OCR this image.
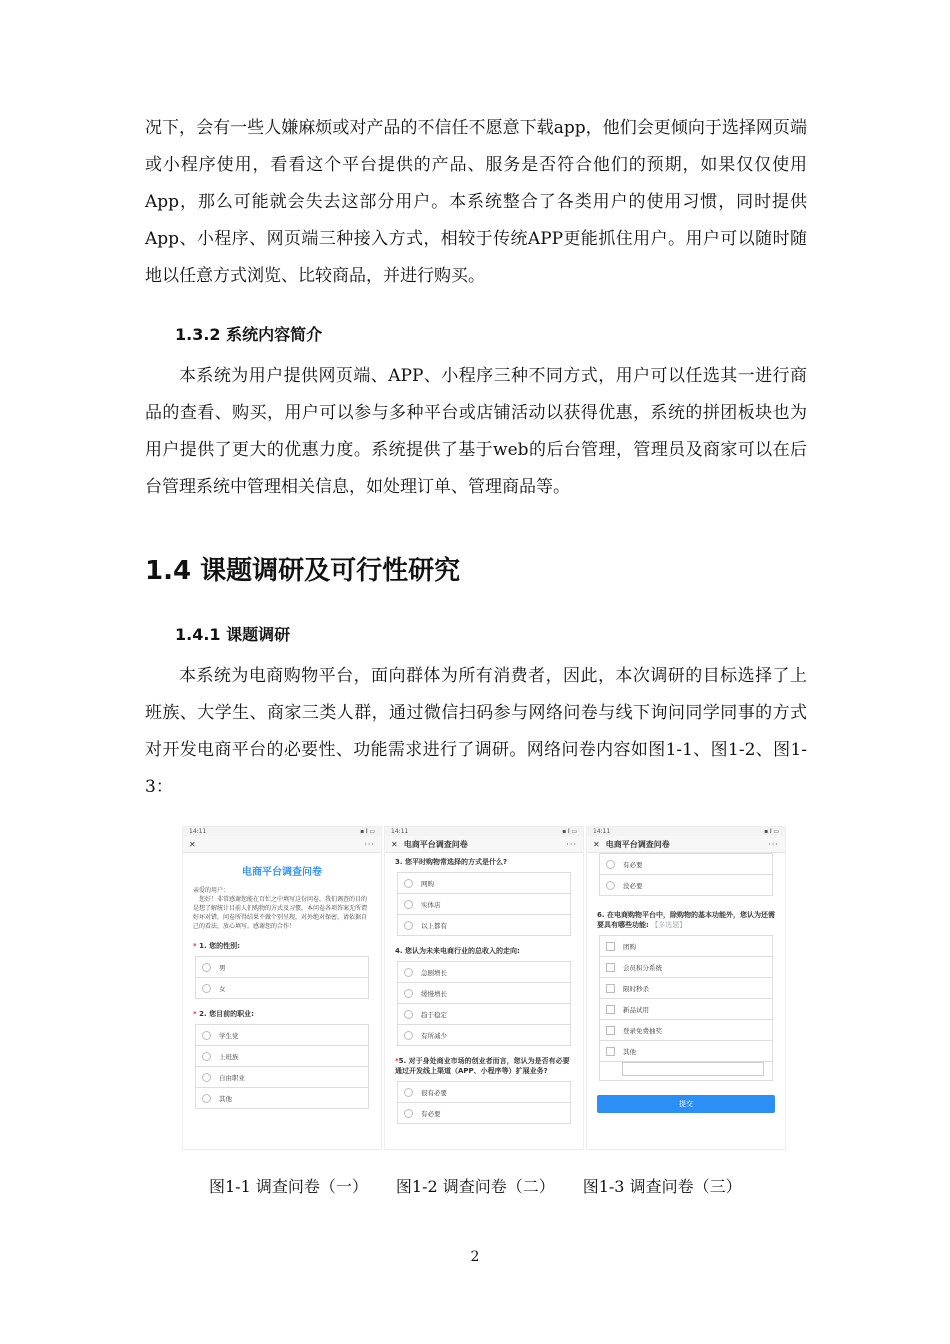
况下，会有一些人嫌麻烦或对产品的不信任不愿意下载app，他们会更倾向于选择网页端或小程序使用，看看这个平台提供的产品、服务是否符合他们的预期，如果仅仅使用App，那么可能就会失去这部分用户。本系统整合了各类用户的使用习惯，同时提供App、小程序、网页端三种接入方式，相较于传统APP更能抓住用户。用户可以随时随地以任意方式浏览、比较商品，并进行购买。

1.3.2 系统内容简介

本系统为用户提供网页端、APP、小程序三种不同方式，用户可以任选其一进行商品的查看、购买，用户可以参与多种平台或店铺活动以获得优惠，系统的拼团板块也为用户提供了更大的优惠力度。系统提供了基于web的后台管理，管理员及商家可以在后台管理系统中管理相关信息，如处理订单、管理商品等。

1.4 课题调研及可行性研究
1.4.1 课题调研

本系统为电商购物平台，面向群体为所有消费者，因此，本次调研的目标选择了上班族、大学生、商家三类人群，通过微信扫码参与网络问卷与线下询问同学同事的方式对开发电商平台的必要性、功能需求进行了调研。网络问卷内容如图1-1、图1-2、图1-3：

14:11	▪ 𝄃 ▭
✕	···
电商平台调查问卷
亲爱的用户：
　您好！非常感谢您能在百忙之中填写这份问卷，我们调查的目的是想了解统计目前人们购物的方式及习惯，本问卷各项答案无所谓好坏对错，问卷所得结果不做个别呈现，对外绝对保密，请依据自己的看法，放心填写。感谢您的合作！
* 1. 您的性别:
男
女
* 2. 您目前的职业:
学生党
上班族
自由职业
其他
14:11	▪ 𝄃 ▭
✕ 电商平台调查问卷	···
3. 您平时购物常选择的方式是什么?
网购
实体店
以上都有
4. 您认为未来电商行业的总收入的走向:
急剧增长
缓慢增长
趋于稳定
有所减少
*5. 对于身处商业市场的创业者而言，您认为是否有必要通过开发线上渠道（APP、小程序等）扩展业务?
很有必要
有必要
14:11	▪ 𝄃 ▭
✕ 电商平台调查问卷	···
有必要
没必要
6. 在电商购物平台中，除购物的基本功能外，您认为还需要具有哪些功能: 【多选题】
团购
会员积分系统
限时秒杀
新品试用
登录免费抽奖
其他
提交
图1-1 调查问卷（一） 图1-2 调查问卷（二） 图1-3 调查问卷（三）
2
